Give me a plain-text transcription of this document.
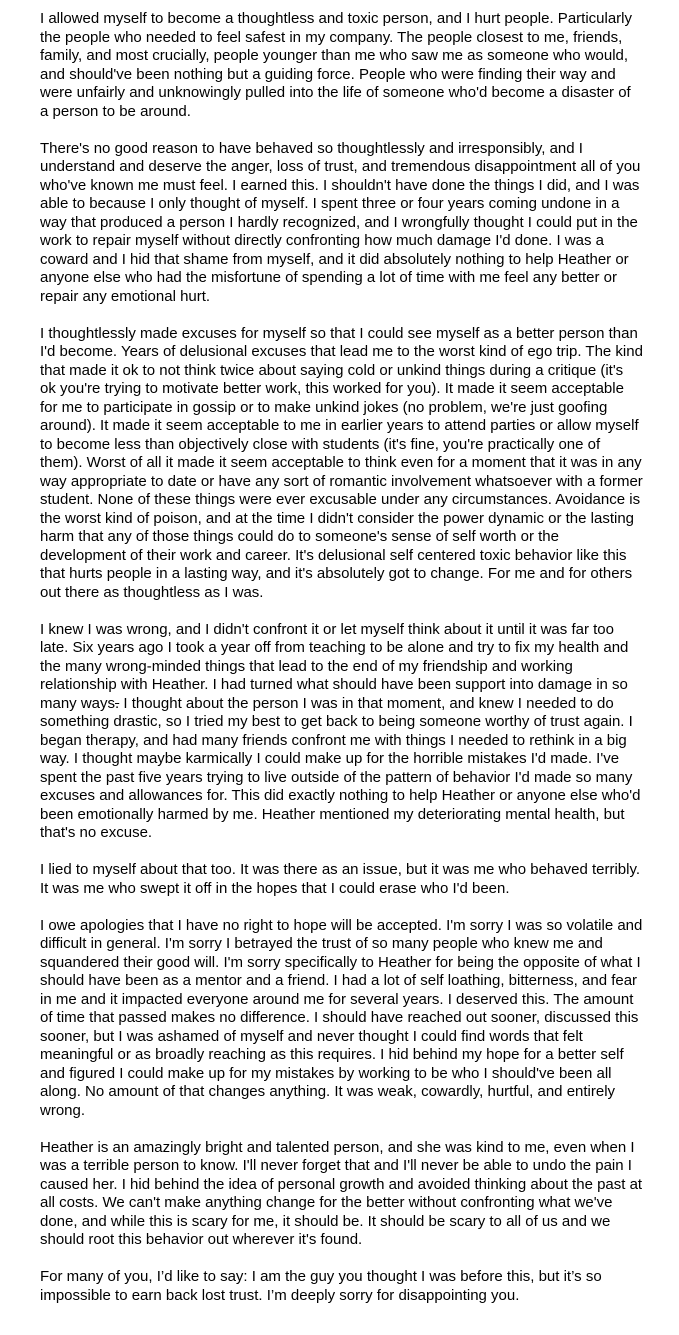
I allowed myself to become a thoughtless and toxic person, and I hurt people. Particularly the people who needed to feel safest in my company. The people closest to me, friends, family, and most crucially, people younger than me who saw me as someone who would, and should've been nothing but a guiding force. People who were finding their way and were unfairly and unknowingly pulled into the life of someone who'd become a disaster of a person to be around.

There's no good reason to have behaved so thoughtlessly and irresponsibly, and I understand and deserve the anger, loss of trust, and tremendous disappointment all of you who've known me must feel. I earned this. I shouldn't have done the things I did, and I was able to because I only thought of myself. I spent three or four years coming undone in a way that produced a person I hardly recognized, and I wrongfully thought I could put in the work to repair myself without directly confronting how much damage I'd done. I was a coward and I hid that shame from myself, and it did absolutely nothing to help Heather or anyone else who had the misfortune of spending a lot of time with me feel any better or repair any emotional hurt.

I thoughtlessly made excuses for myself so that I could see myself as a better person than I'd become. Years of delusional excuses that lead me to the worst kind of ego trip. The kind that made it ok to not think twice about saying cold or unkind things during a critique (it's ok you're trying to motivate better work, this worked for you). It made it seem acceptable for me to participate in gossip or to make unkind jokes (no problem, we're just goofing around). It made it seem acceptable to me in earlier years to attend parties or allow myself to become less than objectively close with students (it's fine, you're practically one of them). Worst of all it made it seem acceptable to think even for a moment that it was in any way appropriate to date or have any sort of romantic involvement whatsoever with a former student. None of these things were ever excusable under any circumstances. Avoidance is the worst kind of poison, and at the time I didn't consider the power dynamic or the lasting harm that any of those things could do to someone's sense of self worth or the development of their work and career. It's delusional self centered toxic behavior like this that hurts people in a lasting way, and it's absolutely got to change. For me and for others out there as thoughtless as I was.

I knew I was wrong, and I didn't confront it or let myself think about it until it was far too late. Six years ago I took a year off from teaching to be alone and try to fix my health and the many wrong-minded things that lead to the end of my friendship and working relationship with Heather. I had turned what should have been support into damage in so many ways. I thought about the person I was in that moment, and knew I needed to do something drastic, so I tried my best to get back to being someone worthy of trust again. I began therapy, and had many friends confront me with things I needed to rethink in a big way. I thought maybe karmically I could make up for the horrible mistakes I'd made. I've spent the past five years trying to live outside of the pattern of behavior I'd made so many excuses and allowances for. This did exactly nothing to help Heather or anyone else who'd been emotionally harmed by me. Heather mentioned my deteriorating mental health, but that's no excuse.

I lied to myself about that too. It was there as an issue, but it was me who behaved terribly. It was me who swept it off in the hopes that I could erase who I'd been.

I owe apologies that I have no right to hope will be accepted. I'm sorry I was so volatile and difficult in general. I'm sorry I betrayed the trust of so many people who knew me and squandered their good will. I'm sorry specifically to Heather for being the opposite of what I should have been as a mentor and a friend. I had a lot of self loathing, bitterness, and fear in me and it impacted everyone around me for several years. I deserved this. The amount of time that passed makes no difference. I should have reached out sooner, discussed this sooner, but I was ashamed of myself and never thought I could find words that felt meaningful or as broadly reaching as this requires. I hid behind my hope for a better self and figured I could make up for my mistakes by working to be who I should've been all along. No amount of that changes anything. It was weak, cowardly, hurtful, and entirely wrong.

Heather is an amazingly bright and talented person, and she was kind to me, even when I was a terrible person to know. I'll never forget that and I'll never be able to undo the pain I caused her. I hid behind the idea of personal growth and avoided thinking about the past at all costs. We can't make anything change for the better without confronting what we've done, and while this is scary for me, it should be. It should be scary to all of us and we should root this behavior out wherever it's found.

For many of you, I’d like to say: I am the guy you thought I was before this, but it’s so impossible to earn back lost trust. I’m deeply sorry for disappointing you.
